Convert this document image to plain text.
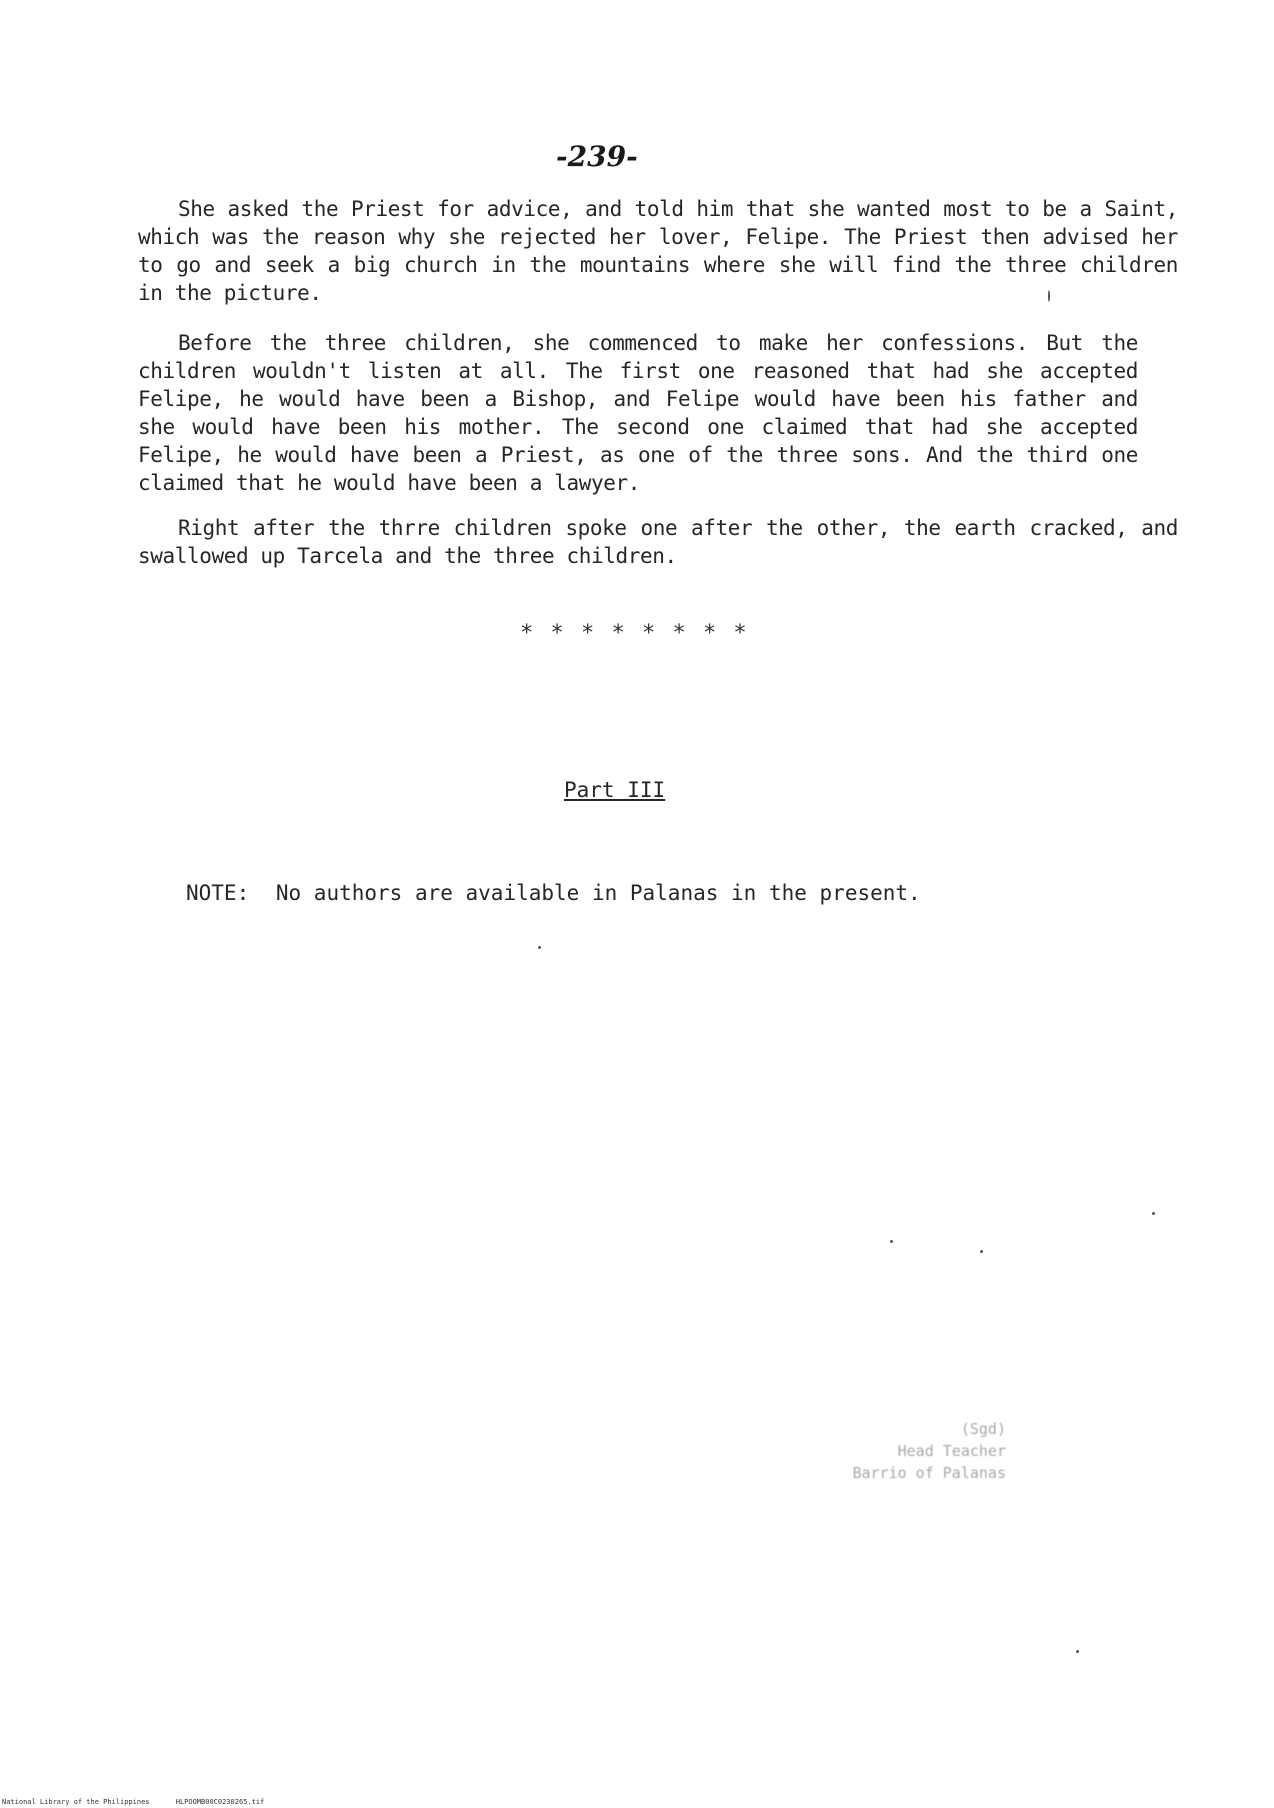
-239-
She asked the Priest for advice, and told him that she wanted most to be a Saint, which was the reason why she rejected her lover, Felipe. The Priest then advised her to go and seek a big church in the mountains where she will find the three children in the picture.
Before the three children, she commenced to make her confessions. But the children wouldn't listen at all. The first one reasoned that had she accepted Felipe, he would have been a Bishop, and Felipe would have been his father and she would have been his mother. The second one claimed that had she accepted Felipe, he would have been a Priest, as one of the three sons. And the third one claimed that he would have been a lawyer.
Right after the thrre children spoke one after the other, the earth cracked, and swallowed up Tarcela and the three children.
* * * * * * * *
Part III
NOTE: No authors are available in Palanas in the present.
(Sgd)
Head Teacher
Barrio of Palanas
National Library of the Philippines	HLPOOMB00C0230265.tif
